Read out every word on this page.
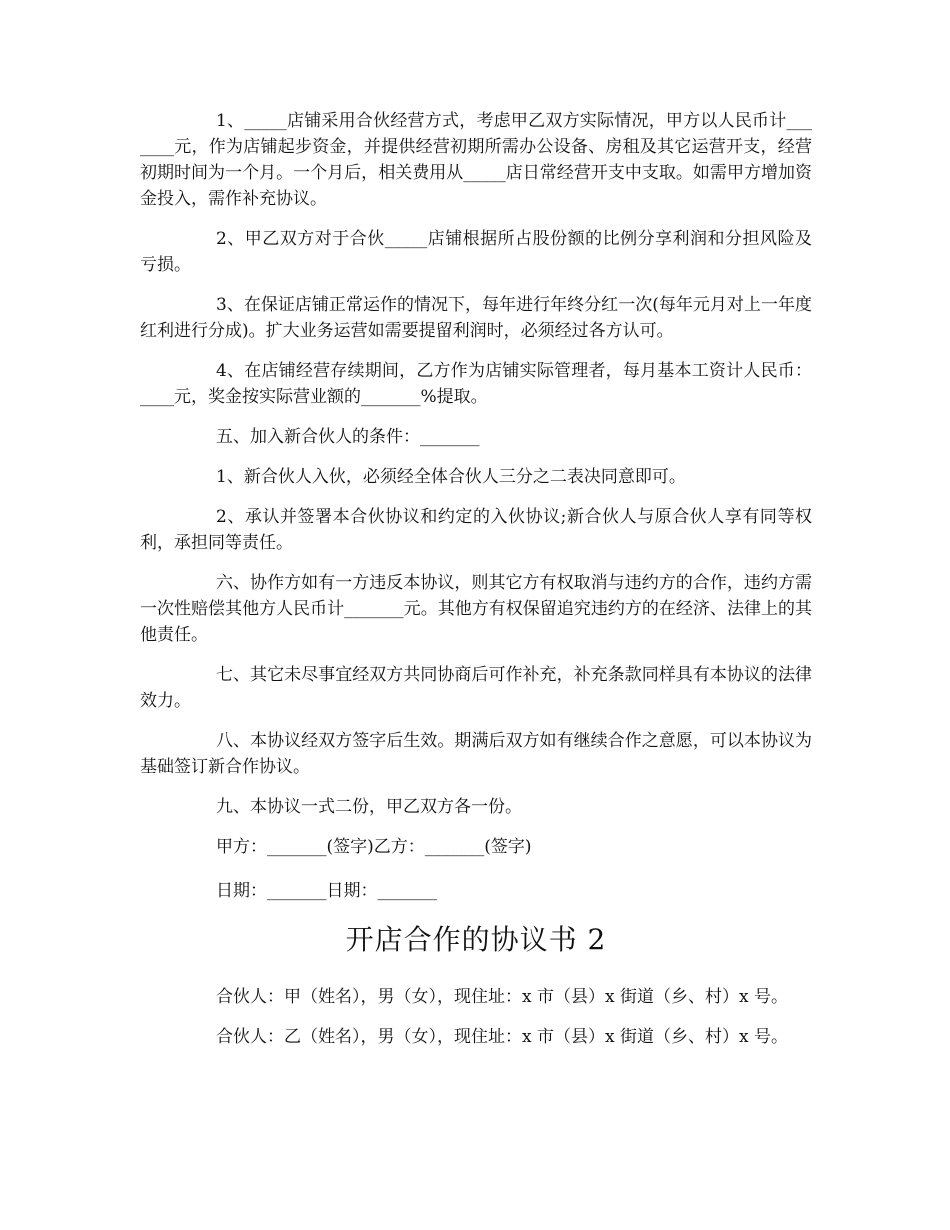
1、_____店铺采用合伙经营方式，考虑甲乙双方实际情况，甲方以人民币计_______元，作为店铺起步资金，并提供经营初期所需办公设备、房租及其它运营开支，经营初期时间为一个月。一个月后，相关费用从_____店日常经营开支中支取。如需甲方增加资金投入，需作补充协议。

2、甲乙双方对于合伙_____店铺根据所占股份额的比例分享利润和分担风险及亏损。

3、在保证店铺正常运作的情况下，每年进行年终分红一次(每年元月对上一年度红利进行分成)。扩大业务运营如需要提留利润时，必须经过各方认可。

4、在店铺经营存续期间，乙方作为店铺实际管理者，每月基本工资计人民币：____元，奖金按实际营业额的_______%提取。

五、加入新合伙人的条件：_______

1、新合伙人入伙，必须经全体合伙人三分之二表决同意即可。

2、承认并签署本合伙协议和约定的入伙协议;新合伙人与原合伙人享有同等权利，承担同等责任。

六、协作方如有一方违反本协议，则其它方有权取消与违约方的合作，违约方需一次性赔偿其他方人民币计_______元。其他方有权保留追究违约方的在经济、法律上的其他责任。

七、其它未尽事宜经双方共同协商后可作补充，补充条款同样具有本协议的法律效力。

八、本协议经双方签字后生效。期满后双方如有继续合作之意愿，可以本协议为基础签订新合作协议。

九、本协议一式二份，甲乙双方各一份。

甲方：_______(签字)乙方：_______(签字)
日期：_______日期：_______
开店合作的协议书 2

合伙人：甲（姓名），男（女），现住址：x 市（县）x 街道（乡、村）x 号。

合伙人：乙（姓名），男（女），现住址：x 市（县）x 街道（乡、村）x 号。
